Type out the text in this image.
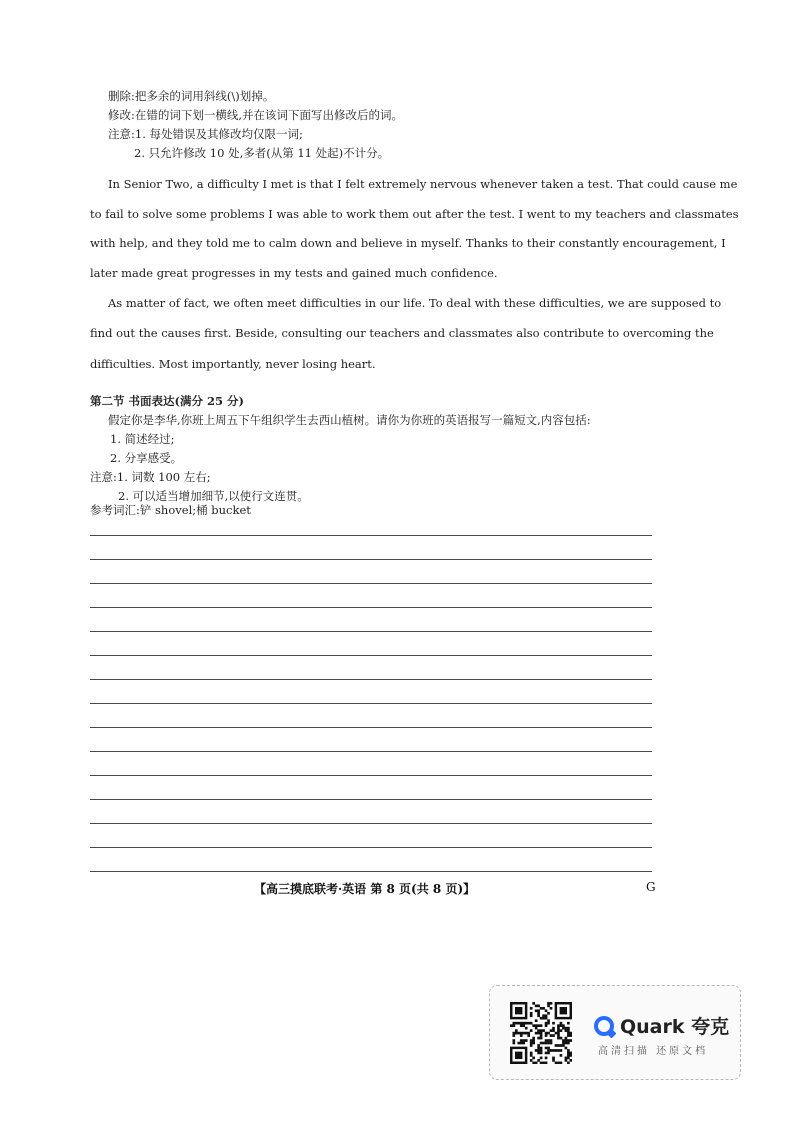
删除:把多余的词用斜线(\)划掉。
修改:在错的词下划一横线,并在该词下面写出修改后的词。
注意:1. 每处错误及其修改均仅限一词;
2. 只允许修改 10 处,多者(从第 11 处起)不计分。
In Senior Two, a difficulty I met is that I felt extremely nervous whenever taken a test. That could cause me
to fail to solve some problems I was able to work them out after the test. I went to my teachers and classmates
with help, and they told me to calm down and believe in myself. Thanks to their constantly encouragement, I
later made great progresses in my tests and gained much confidence.
As matter of fact, we often meet difficulties in our life. To deal with these difficulties, we are supposed to
find out the causes first. Beside, consulting our teachers and classmates also contribute to overcoming the
difficulties. Most importantly, never losing heart.
第二节 书面表达(满分 25 分)
假定你是李华,你班上周五下午组织学生去西山植树。请你为你班的英语报写一篇短文,内容包括:
1. 简述经过;
2. 分享感受。
注意:1. 词数 100 左右;
2. 可以适当增加细节,以使行文连贯。
参考词汇:铲 shovel;桶 bucket
【高三摸底联考·英语 第 8 页(共 8 页)】	G
Quark 夸克
高清扫描 还原文档
